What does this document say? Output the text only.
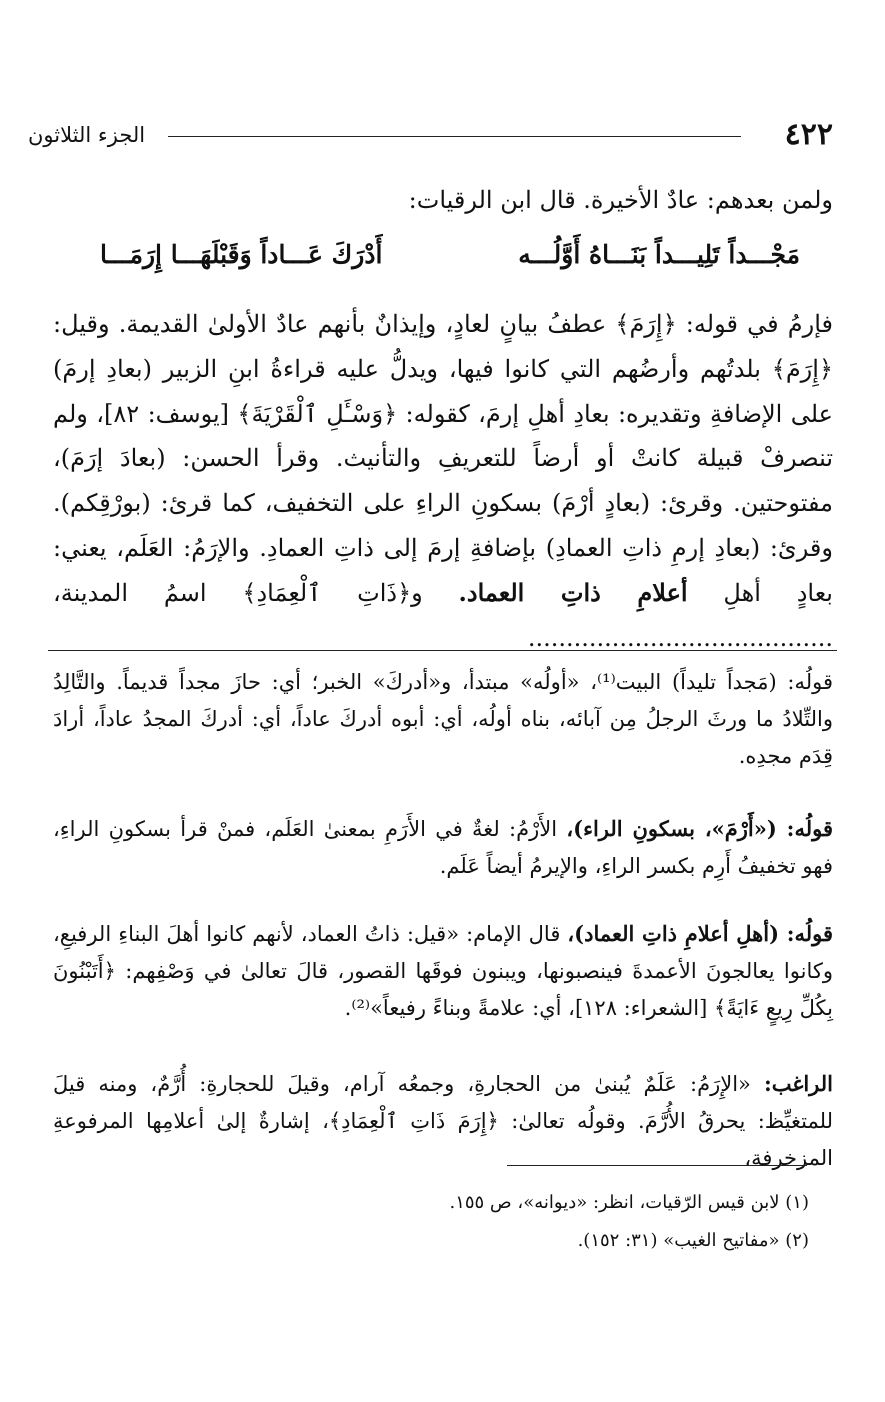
٤٢٢
الجزء الثلاثون
ولمن بعدهم: عادٌ الأخيرة. قال ابن الرقيات:
مَجْـــداً تَلِيـــداً بَنَـــاهُ أَوَّلُـــه
أَدْرَكَ عَـــاداً وَقَبْلَهَـــا إِرَمَـــا
فإرمُ في قوله: ﴿إِرَمَ﴾ عطفُ بيانٍ لعادٍ، وإيذانٌ بأنهم عادٌ الأولىٰ القديمة. وقيل: ﴿إِرَمَ﴾ بلدتُهم وأرضُهم التي كانوا فيها، ويدلُّ عليه قراءةُ ابنِ الزبير (بعادِ إرمَ) على الإضافةِ وتقديره: بعادِ أهلِ إرمَ، كقوله: ﴿وَسْـَٔلِ ٱلْقَرْيَةَ﴾ [يوسف: ٨٢]، ولم تنصرفْ قبيلة كانتْ أو أرضاً للتعريفِ والتأنيث. وقرأ الحسن: (بعادَ إرَمَ)، مفتوحتين. وقرئ: (بعادٍ أرْمَ) بسكونِ الراءِ على التخفيف، كما قرئ: (بورْقِكم). وقرئ: (بعادِ إرمِ ذاتِ العمادِ) بإضافةِ إرمَ إلى ذاتِ العمادِ. والإرَمُ: العَلَم، يعني: بعادٍ أهلِ أعلامِ ذاتِ العماد. و﴿ذَاتِ ٱلْعِمَادِ﴾ اسمُ المدينة، ........................................
قولُه: (مَجداً تليداً) البيت⁽¹⁾، «أولُه» مبتدأ، و«أدركَ» الخبر؛ أي: حازَ مجداً قديماً. والتَّالِدُ والتِّلادُ ما ورثَ الرجلُ مِن آبائه، بناه أولُه، أي: أبوه أدركَ عاداً، أي: أدركَ المجدُ عاداً، أرادَ قِدَم مجدِه.
قولُه: («أَرْمَ»، بسكونِ الراء)، الأَرْمُ: لغةٌ في الأَرَمِ بمعنىٰ العَلَم، فمنْ قرأ بسكونِ الراءِ، فهو تخفيفُ أَرِم بكسر الراءِ، والإيرمُ أيضاً عَلَم.
قولُه: (أهلِ أعلامِ ذاتِ العماد)، قال الإمام: «قيل: ذاتُ العماد، لأنهم كانوا أهلَ البناءِ الرفيعِ، وكانوا يعالجونَ الأعمدةَ فينصبونها، ويبنون فوقَها القصور، قالَ تعالىٰ في وَصْفِهم: ﴿أَتَبْنُونَ بِكُلِّ رِيعٍ ءَايَةً﴾ [الشعراء: ١٢٨]، أي: علامةً وبناءً رفيعاً»⁽²⁾.
الراغب: «الإِرَمُ: عَلَمٌ يُبنىٰ من الحجارةِ، وجمعُه آرام، وقيلَ للحجارةِ: أُرَّمٌ، ومنه قيلَ للمتغيِّظ: يحرقُ الأُرَّمَ. وقولُه تعالىٰ: ﴿إِرَمَ ذَاتِ ٱلْعِمَادِ﴾، إشارةٌ إلىٰ أعلامِها المرفوعةِ المزخرفة،
(١) لابن قيس الرّقيات، انظر: «ديوانه»، ص ١٥٥.
(٢) «مفاتيح الغيب» (٣١: ١٥٢).
